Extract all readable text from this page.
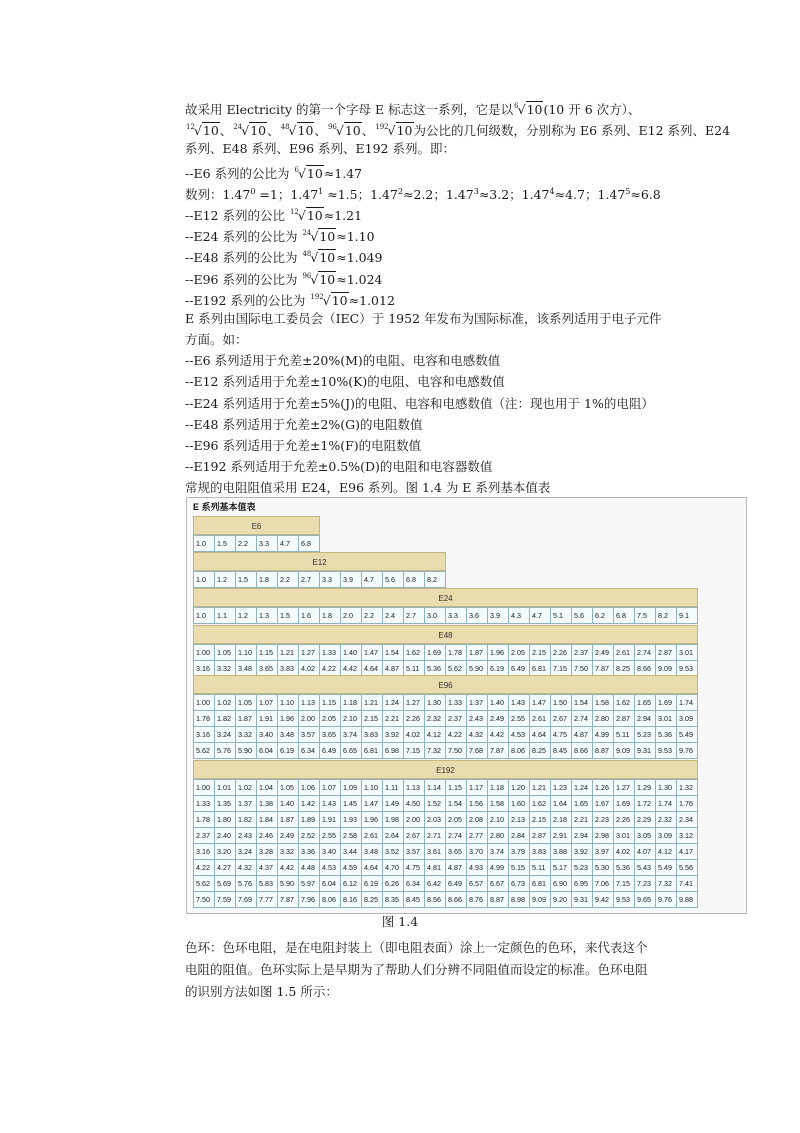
故采用 Electricity 的第一个字母 E 标志这一系列，它是以$^6$√10(10 开 6 次方）、
$^{12}$√10、$^{24}$√10、$^{48}$√10、$^{96}$√10、$^{192}$√10为公比的几何级数，分别称为 E6 系列、E12 系列、E24
系列、E48 系列、E96 系列、E192 系列。即：
--E6 系列的公比为 $^6$√10≈1.47
数列：$1.47^0 =1$；$1.47^1 \approx 1.5$；$1.47^2\approx 2.2$；$1.47^3\approx 3.2$；$1.47^4\approx 4.7$；$1.47^5\approx 6.8$
--E12 系列的公比 $^{12}$√10≈1.21
--E24 系列的公比为 $^{24}$√10≈1.10
--E48 系列的公比为 $^{48}$√10≈1.049
--E96 系列的公比为 $^{96}$√10≈1.024
--E192 系列的公比为 $^{192}$√10≈1.012
E 系列由国际电工委员会（IEC）于 1952 年发布为国际标准，该系列适用于电子元件
方面。如：
--E6 系列适用于允差±20%(M)的电阻、电容和电感数值
--E12 系列适用于允差±10%(K)的电阻、电容和电感数值
--E24 系列适用于允差±5%(J)的电阻、电容和电感数值（注：现也用于 1%的电阻）
--E48 系列适用于允差±2%(G)的电阻数值
--E96 系列适用于允差±1%(F)的电阻数值
--E192 系列适用于允差±0.5%(D)的电阻和电容器数值
常规的电阻阻值采用 E24，E96 系列。图 1.4 为 E 系列基本值表
E 系列基本值表
E6
1.0	1.5	2.2	3.3	4.7	6.8
E12
1.0	1.2	1.5	1.8	2.2	2.7	3.3	3.9	4.7	5.6	6.8	8.2
E24
1.0	1.1	1.2	1.3	1.5	1.6	1.8	2.0	2.2	2.4	2.7	3.0	3.3	3.6	3.9	4.3	4.7	5.1	5.6	6.2	6.8	7.5	8.2	9.1
E48
1.00 1.05 1.10 1.15 1.21 1.27 1.33 1.40 1.47 1.54 1.62 1.69 1.78 1.87 1.96 2.05 2.15 2.26 2.37 2.49 2.61 2.74 2.87 3.01
3.16 3.32 3.48 3.65 3.83 4.02 4.22 4.42 4.64 4.87 5.11	5.36 5.62 5.90 6.19 6.49 6.81 7.15 7.50 7.87 8.25 8.66 9.09 9.53
E96
1.00 1.02 1.05 1.07 1.10 1.13 1.15 1.18 1.21 1.24 1.27 1.30 1.33 1.37 1.40 1.43 1.47 1.50 1.54 1.58 1.62 1.65 1.69 1.74
1.78 1.82 1.87 1.91 1.96 2.00 2.05 2.10 2.15 2.21 2.26 2.32 2.37 2.43 2.49 2.55 2.61 2.67 2.74 2.80 2.87 2.94 3.01 3.09
3.16 3.24 3.32 3.40 3.48 3.57 3.65 3.74 3.83 3.92 4.02 4.12 4.22 4.32 4.42 4.53 4.64 4.75 4.87 4.99 5.11	5.23 5.36 5.49
5.62 5.76 5.90 6.04 6.19 6.34 6.49 6.65 6.81 6.98 7.15 7.32 7.50 7.68 7.87 8.06 8.25 8.45 8.66 8.87 9.09 9.31 9.53 9.76
E192
1.00 1.01 1.02 1.04 1.05 1.06 1.07 1.09 1.10 1.11	1.13 1.14 1.15 1.17 1.18 1.20 1.21 1.23 1.24 1.26 1.27 1.29 1.30 1.32
1.33 1.35 1.37 1.38 1.40 1.42 1.43 1.45 1.47 1.49 4.50 1.52 1.54 1.56 1.58 1.60 1.62 1.64 1.65 1.67 1.69 1.72 1.74 1.76
1.78 1.80 1.82 1.84 1.87 1.89 1.91 1.93 1.96 1.98 2.00 2.03 2.05 2.08 2.10 2.13 2.15 2.18 2.21 2.23 2.26 2.29 2.32 2.34
2.37 2.40 2.43 2.46 2.49 2.52 2.55 2.58 2.61 2.64 2.67 2.71 2.74 2.77 2.80 2.84 2.87 2.91 2.94 2.98 3.01 3.05 3.09 3.12
3.16 3.20 3.24 3.28 3.32 3.36 3.40 3.44 3.48 3.52 3.57 3.61 3.65 3.70 3.74 3.79 3.83 3.88 3.92 3.97 4.02 4.07 4.12 4.17
4.22 4.27 4.32 4.37 4.42 4.48 4.53 4.59 4.64 4.70 4.75 4.81 4.87 4.93 4.99 5.15 5.11	5.17 5.23 5.30 5.36 5.43 5.49 5.56
5.62 5.69 5.76 5.83 5.90 5.97 6.04 6.12 6.19 6.26 6.34 6.42 6.49 6.57 6.67 6.73 6.81 6.90 6.95 7.06 7.15 7.23 7.32 7.41
7.50 7.59 7.69 7.77 7.87 7.96 8.06 8.16 8.25 8.35 8.45 8.56 8.66 8.76 8.87 8.98 9.09 9.20 9.31 9.42 9.53 9.65 9.76 9.88
图 1.4
色环：色环电阻，是在电阻封装上（即电阻表面）涂上一定颜色的色环，来代表这个
电阻的阻值。色环实际上是早期为了帮助人们分辨不同阻值而设定的标准。色环电阻
的识别方法如图 1.5 所示：
